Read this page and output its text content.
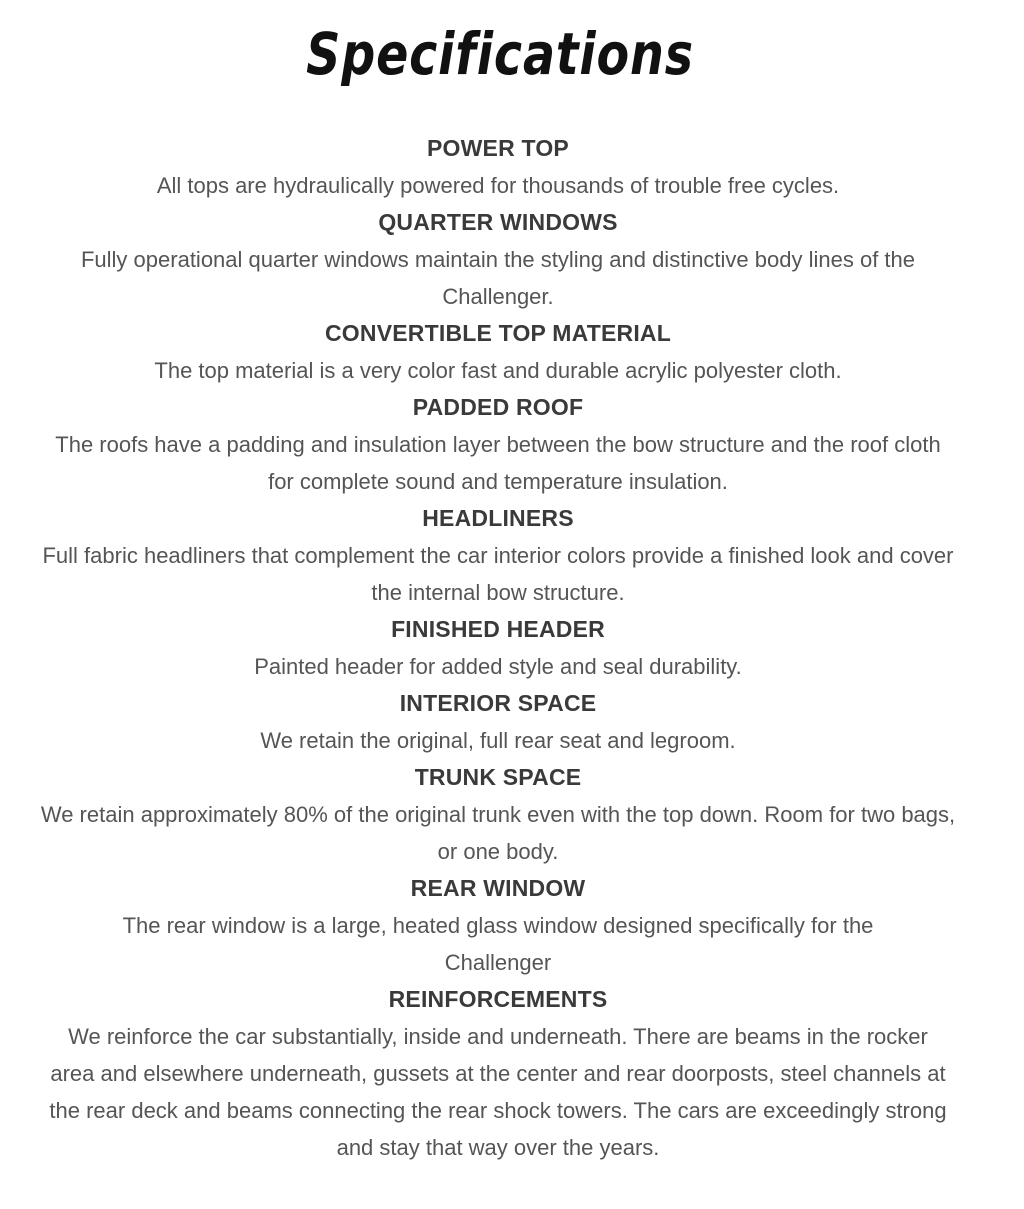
Specifications
POWER TOP
All tops are hydraulically powered for thousands of trouble free cycles.
QUARTER WINDOWS
Fully operational quarter windows maintain the styling and distinctive body lines of the Challenger.
CONVERTIBLE TOP MATERIAL
The top material is a very color fast and durable acrylic polyester cloth.
PADDED ROOF
The roofs have a padding and insulation layer between the bow structure and the roof cloth for complete sound and temperature insulation.
HEADLINERS
Full fabric headliners that complement the car interior colors provide a finished look and cover the internal bow structure.
FINISHED HEADER
Painted header for added style and seal durability.
INTERIOR SPACE
We retain the original, full rear seat and legroom.
TRUNK SPACE
We retain approximately 80% of the original trunk even with the top down. Room for two bags, or one body.
REAR WINDOW
The rear window is a large, heated glass window designed specifically for the Challenger
REINFORCEMENTS
We reinforce the car substantially, inside and underneath. There are beams in the rocker area and elsewhere underneath, gussets at the center and rear doorposts, steel channels at the rear deck and beams connecting the rear shock towers. The cars are exceedingly strong and stay that way over the years.
